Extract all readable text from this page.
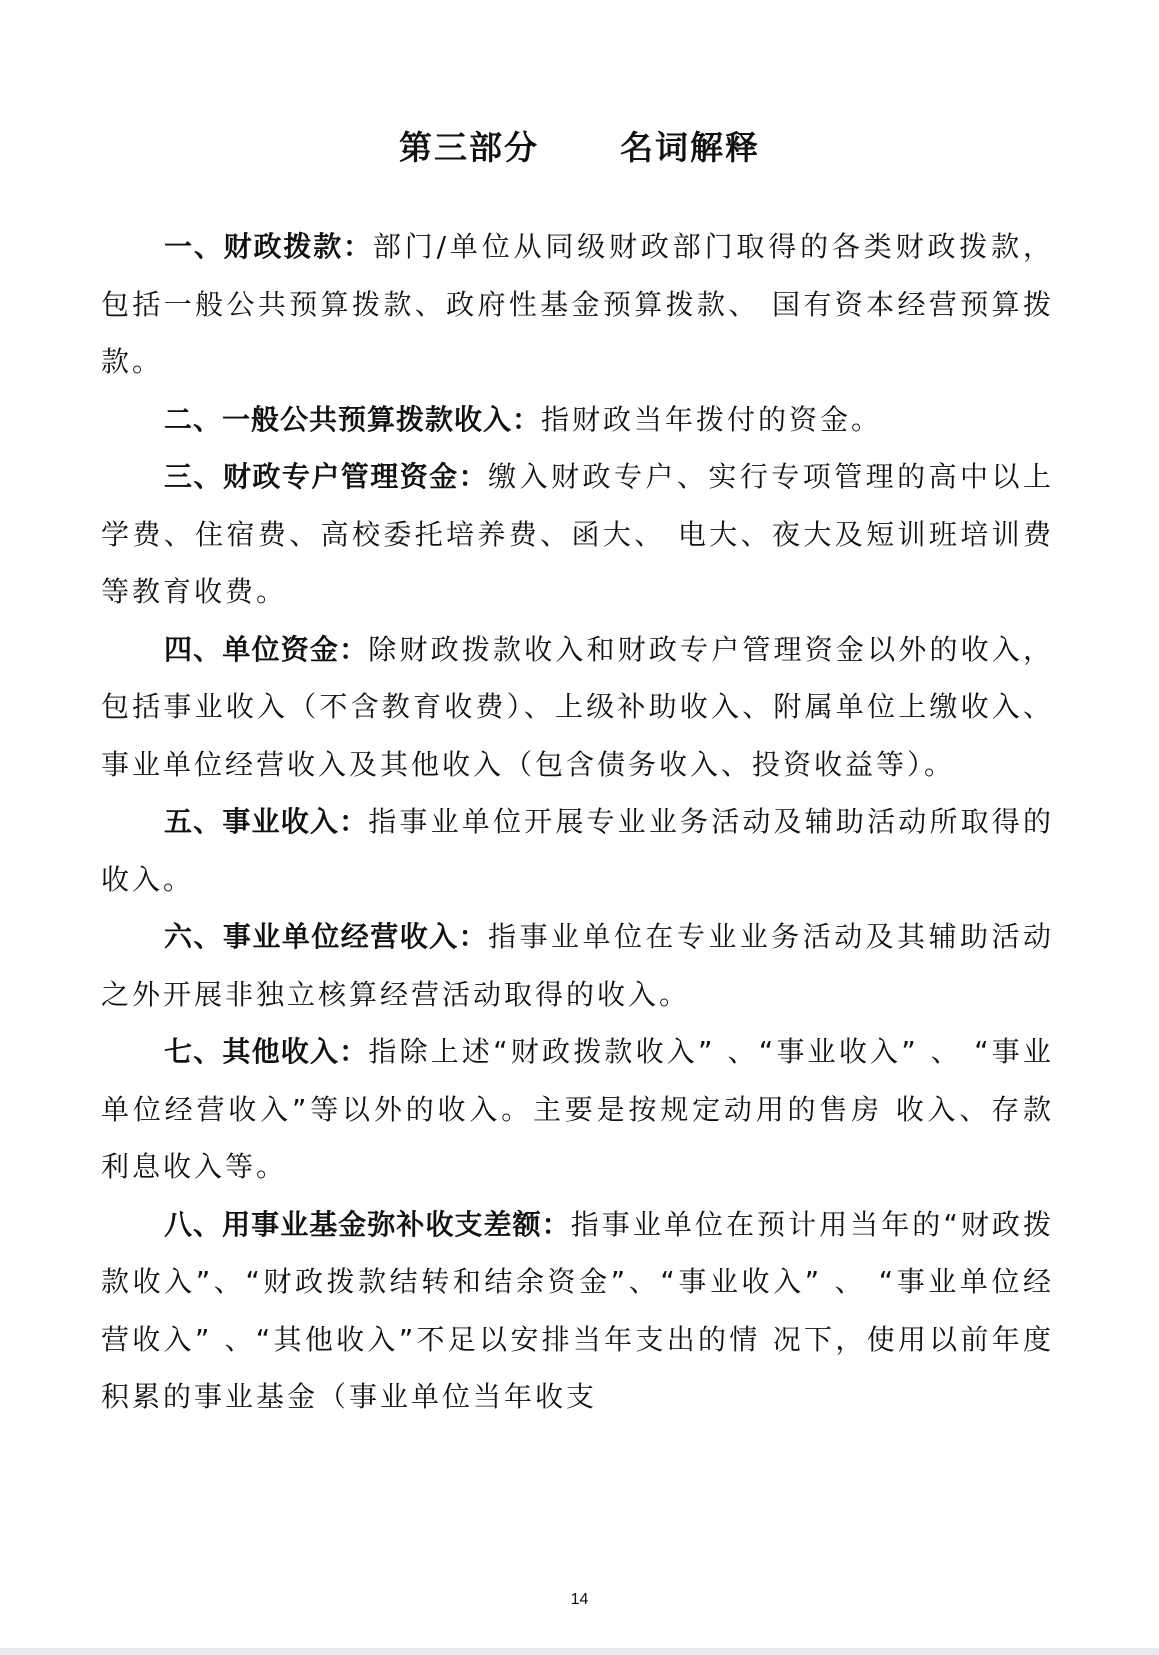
第三部分      名词解释

一、财政拨款：部门/单位从同级财政部门取得的各类财政拨款，包括一般公共预算拨款、政府性基金预算拨款、 国有资本经营预算拨款。

二、一般公共预算拨款收入：指财政当年拨付的资金。

三、财政专户管理资金：缴入财政专户、实行专项管理的高中以上学费、住宿费、高校委托培养费、函大、 电大、夜大及短训班培训费等教育收费。

四、单位资金：除财政拨款收入和财政专户管理资金以外的收入，包括事业收入（不含教育收费）、上级补助收入、附属单位上缴收入、事业单位经营收入及其他收入（包含债务收入、投资收益等）。

五、事业收入：指事业单位开展专业业务活动及辅助活动所取得的收入。

六、事业单位经营收入：指事业单位在专业业务活动及其辅助活动之外开展非独立核算经营活动取得的收入。

七、其他收入：指除上述“财政拨款收入” 、“事业收入” 、 “事业单位经营收入”等以外的收入。主要是按规定动用的售房 收入、存款利息收入等。

八、用事业基金弥补收支差额：指事业单位在预计用当年的“财政拨款收入”、“财政拨款结转和结余资金”、“事业收入” 、 “事业单位经营收入” 、“其他收入”不足以安排当年支出的情 况下，使用以前年度积累的事业基金（事业单位当年收支

14
